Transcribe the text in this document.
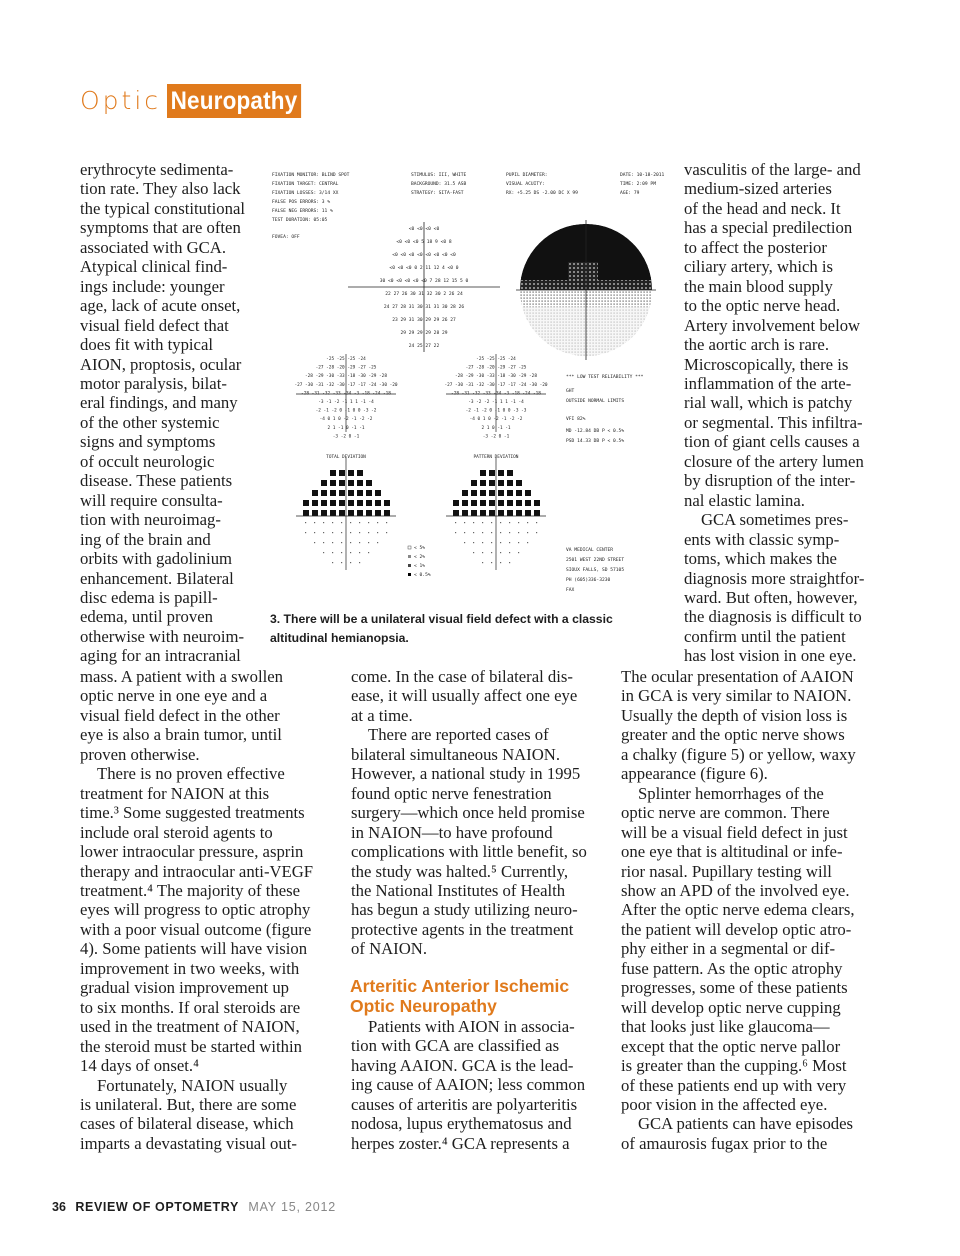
Optic Neuropathy
erythrocyte sedimenta-
tion rate. They also lack
the typical constitutional
symptoms that are often
associated with GCA.
Atypical clinical find-
ings include: younger
age, lack of acute onset,
visual field defect that
does fit with typical
AION, proptosis, ocular
motor paralysis, bilat-
eral findings, and many
of the other systemic
signs and symptoms
of occult neurologic
disease. These patients
will require consulta-
tion with neuroimag-
ing of the brain and
orbits with gadolinium
enhancement. Bilateral
disc edema is papill-
edema, until proven
otherwise with neuroim-
aging for an intracranial
mass. A patient with a swollen
optic nerve in one eye and a
visual field defect in the other
eye is also a brain tumor, until
proven otherwise.
There is no proven effective
treatment for NAION at this
time.³ Some suggested treatments
include oral steroid agents to
lower intraocular pressure, asprin
therapy and intraocular anti-VEGF
treatment.⁴ The majority of these
eyes will progress to optic atrophy
with a poor visual outcome (figure
4). Some patients will have vision
improvement in two weeks, with
gradual vision improvement up
to six months. If oral steroids are
used in the treatment of NAION,
the steroid must be started within
14 days of onset.⁴
Fortunately, NAION usually
is unilateral. But, there are some
cases of bilateral disease, which
imparts a devastating visual out-
come. In the case of bilateral dis-
ease, it will usually affect one eye
at a time.
There are reported cases of
bilateral simultaneous NAION.
However, a national study in 1995
found optic nerve fenestration
surgery—which once held promise
in NAION—to have profound
complications with little benefit, so
the study was halted.⁵ Currently,
the National Institutes of Health
has begun a study utilizing neuro-
protective agents in the treatment
of NAION.
Arteritic Anterior Ischemic
Optic Neuropathy
Patients with AION in associa-
tion with GCA are classified as
having AAION. GCA is the lead-
ing cause of AAION; less common
causes of arteritis are polyarteritis
nodosa, lupus erythematosus and
herpes zoster.⁴ GCA represents a
vasculitis of the large- and
medium-sized arteries
of the head and neck. It
has a special predilection
to affect the posterior
ciliary artery, which is
the main blood supply
to the optic nerve head.
Artery involvement below
the aortic arch is rare.
Microscopically, there is
inflammation of the arte-
rial wall, which is patchy
or segmental. This infiltra-
tion of giant cells causes a
closure of the artery lumen
by disruption of the inter-
nal elastic lamina.
GCA sometimes pres-
ents with classic symp-
toms, which makes the
diagnosis more straightfor-
ward. But often, however,
the diagnosis is difficult to
confirm until the patient
has lost vision in one eye.
The ocular presentation of AAION
in GCA is very similar to NAION.
Usually the depth of vision loss is
greater and the optic nerve shows
a chalky (figure 5) or yellow, waxy
appearance (figure 6).
Splinter hemorrhages of the
optic nerve are common. There
will be a visual field defect in just
one eye that is altitudinal or infe-
rior nasal. Pupillary testing will
show an APD of the involved eye.
After the optic nerve edema clears,
the patient will develop optic atro-
phy either in a segmental or dif-
fuse pattern. As the optic atrophy
progresses, some of these patients
will develop optic nerve cupping
that looks just like glaucoma—
except that the optic nerve pallor
is greater than the cupping.⁶ Most
of these patients end up with very
poor vision in the affected eye.
GCA patients can have episodes
of amaurosis fugax prior to the
FIXATION MONITOR: BLIND SPOT
FIXATION TARGET: CENTRAL
FIXATION LOSSES: 3/14 XX
FALSE POS ERRORS: 3 %
FALSE NEG ERRORS: 11 %
TEST DURATION: 05:05
FOVEA: OFF
STIMULUS: III, WHITE
BACKGROUND: 31.5 ASB
STRATEGY: SITA-FAST
PUPIL DIAMETER:
VISUAL ACUITY:
RX: +5.25 DS -2.00 DC X 99
DATE: 10-18-2011
TIME: 2:09 PM
AGE: 79
<0 <0 <0 <0
<0 <0 <0 5 18 9 <0 8
<0 <0 <0 <0 <0 <0 <0 <0
<0 <0 <0 0 2 11 12 4 <0 0
30 <0 <0 <0 <0 <0 7 28 12 15 5 0
22 27 26 30 31 32 30 2 26 24
24 27 28 31 30 31 31 30 28 26
23 29 31 30 29 29 26 27
29 29 29 29 28 29
24 25 27 22
-25 -25 -25 -24
-27 -28 -20 -29 -27 -25
-28 -29 -30 -33 -18 -30 -29 -28
-27 -30 -31 -32 -30 -17 -17 -24 -30 -20
-28 -31 -32 -33 -34 -3 -18 -24 -18
-3 -1 -2 -1 1 1 -1 -4
-2 -1 -2 0 -1 0 0 -3 -2
-4 0 1 0 -2 -1 -2 -2
2 1 -1 0 -1 -1
-3 -2 0 -1
TOTAL DEVIATION
-25 -25 -25 -24
-27 -28 -20 -29 -27 -25
-28 -29 -30 -33 -18 -30 -29 -28
-27 -30 -31 -32 -30 -17 -17 -24 -30 -20
-28 -31 -32 -33 -34 -3 -18 -24 -18
-3 -2 -2 -1 1 1 -1 -4
-2 -1 -2 0 -1 0 0 -3 -3
-4 0 1 0 -2 -1 -2 -2
2 1 0 -1 -1
-3 -2 0 -1
PATTERN DEVIATION
*** LOW TEST RELIABILITY ***
GHT
OUTSIDE NORMAL LIMITS
VFI 82%
MD -12.84 DB P < 0.5%
PSD 14.33 DB P < 0.5%
< 5%
< 2%
< 1%
< 0.5%
VA MEDICAL CENTER
2501 WEST 22ND STREET
SIOUX FALLS, SD 57105
PH (605)336-3230
FAX
3. There will be a unilateral visual field defect with a classic
altitudinal hemianopsia.
36 REVIEW OF OPTOMETRY MAY 15, 2012
